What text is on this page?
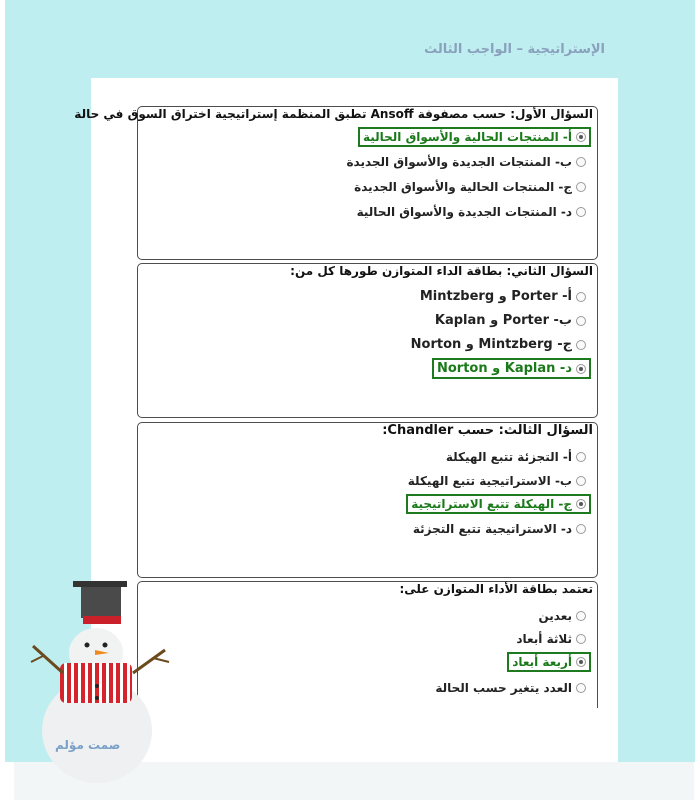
الإستراتيجية – الواجب الثالث
السؤال الأول: حسب مصفوفة Ansoff تطبق المنظمة إستراتيجية اختراق السوق في حالة
أ- المنتجات الحالية والأسواق الحالية
ب- المنتجات الجديدة والأسواق الجديدة
ج- المنتجات الحالية والأسواق الجديدة
د- المنتجات الجديدة والأسواق الحالية
السؤال الثاني: بطاقة الداء المتوازن طورها كل من:
أ- Porter و Mintzberg
ب- Porter و Kaplan
ج- Mintzberg و Norton
د- Kaplan و Norton
السؤال الثالث: حسب Chandler:
أ- التجزئة تتبع الهيكلة
ب- الاستراتيجية تتبع الهيكلة
ج- الهيكلة تتبع الاستراتيجية
د- الاستراتيجية تتبع التجزئة
تعتمد بطاقة الأداء المتوازن على:
بعدين
ثلاثة أبعاد
أربعة أبعاد
العدد يتغير حسب الحالة
صمت مؤلم
